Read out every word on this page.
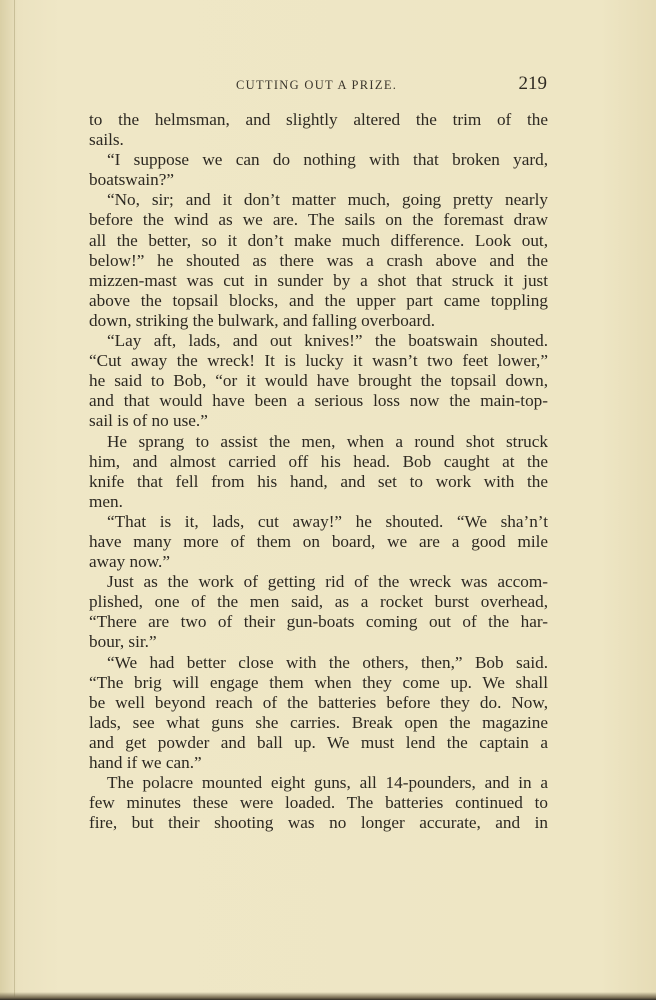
CUTTING OUT A PRIZE.	219
to the helmsman, and slightly altered the trim of the
sails.
“I suppose we can do nothing with that broken yard,
boatswain?”
“No, sir; and it don’t matter much, going pretty nearly
before the wind as we are. The sails on the foremast draw
all the better, so it don’t make much difference. Look out,
below!” he shouted as there was a crash above and the
mizzen-mast was cut in sunder by a shot that struck it just
above the topsail blocks, and the upper part came toppling
down, striking the bulwark, and falling overboard.
“Lay aft, lads, and out knives!” the boatswain shouted.
“Cut away the wreck! It is lucky it wasn’t two feet lower,”
he said to Bob, “or it would have brought the topsail down,
and that would have been a serious loss now the main-top-
sail is of no use.”
He sprang to assist the men, when a round shot struck
him, and almost carried off his head. Bob caught at the
knife that fell from his hand, and set to work with the
men.
“That is it, lads, cut away!” he shouted. “We sha’n’t
have many more of them on board, we are a good mile
away now.”
Just as the work of getting rid of the wreck was accom-
plished, one of the men said, as a rocket burst overhead,
“There are two of their gun-boats coming out of the har-
bour, sir.”
“We had better close with the others, then,” Bob said.
“The brig will engage them when they come up. We shall
be well beyond reach of the batteries before they do. Now,
lads, see what guns she carries. Break open the magazine
and get powder and ball up. We must lend the captain a
hand if we can.”
The polacre mounted eight guns, all 14-pounders, and in a
few minutes these were loaded. The batteries continued to
fire, but their shooting was no longer accurate, and in
